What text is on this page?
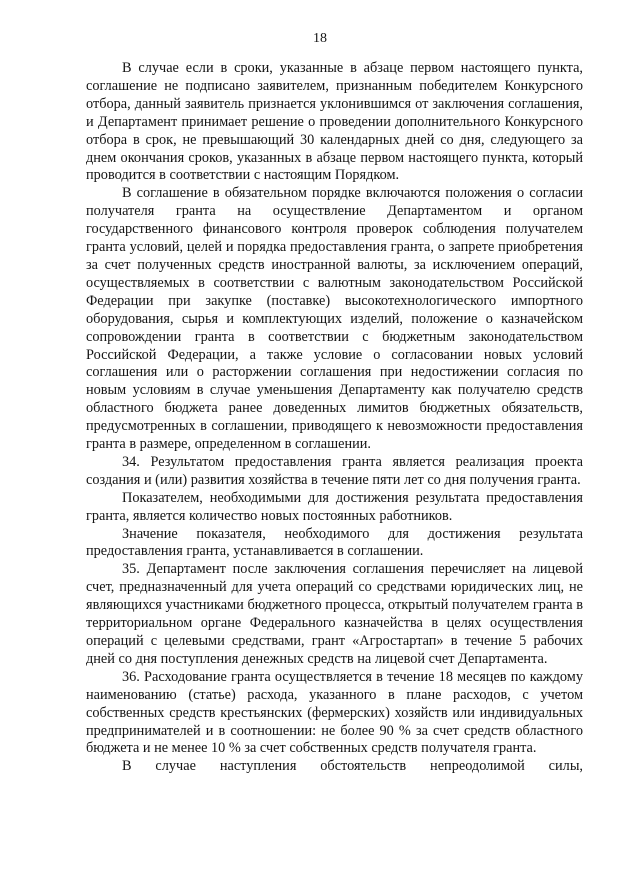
18

В случае если в сроки, указанные в абзаце первом настоящего пункта, соглашение не подписано заявителем, признанным победителем Конкурсного отбора, данный заявитель признается уклонившимся от заключения соглашения, и Департамент принимает решение о проведении дополнительного Конкурсного отбора в срок, не превышающий 30 календарных дней со дня, следующего за днем окончания сроков, указанных в абзаце первом настоящего пункта, который проводится в соответствии с настоящим Порядком.

В соглашение в обязательном порядке включаются положения о согласии получателя гранта на осуществление Департаментом и органом государственного финансового контроля проверок соблюдения получателем гранта условий, целей и порядка предоставления гранта, о запрете приобретения за счет полученных средств иностранной валюты, за исключением операций, осуществляемых в соответствии с валютным законодательством Российской Федерации при закупке (поставке) высокотехнологического импортного оборудования, сырья и комплектующих изделий, положение о казначейском сопровождении гранта в соответствии с бюджетным законодательством Российской Федерации, а также условие о согласовании новых условий соглашения или о расторжении соглашения при недостижении согласия по новым условиям в случае уменьшения Департаменту как получателю средств областного бюджета ранее доведенных лимитов бюджетных обязательств, предусмотренных в соглашении, приводящего к невозможности предоставления гранта в размере, определенном в соглашении.

34. Результатом предоставления гранта является реализация проекта создания и (или) развития хозяйства в течение пяти лет со дня получения гранта.

Показателем, необходимыми для достижения результата предоставления гранта, является количество новых постоянных работников.

Значение показателя, необходимого для достижения результата предоставления гранта, устанавливается в соглашении.

35. Департамент после заключения соглашения перечисляет на лицевой счет, предназначенный для учета операций со средствами юридических лиц, не являющихся участниками бюджетного процесса, открытый получателем гранта в территориальном органе Федерального казначейства в целях осуществления операций с целевыми средствами, грант «Агростартап» в течение 5 рабочих дней со дня поступления денежных средств на лицевой счет Департамента.

36. Расходование гранта осуществляется в течение 18 месяцев по каждому наименованию (статье) расхода, указанного в плане расходов, с учетом собственных средств крестьянских (фермерских) хозяйств или индивидуальных предпринимателей и в соотношении: не более 90 % за счет средств областного бюджета и не менее 10 % за счет собственных средств получателя гранта.

В случае наступления обстоятельств непреодолимой силы,
